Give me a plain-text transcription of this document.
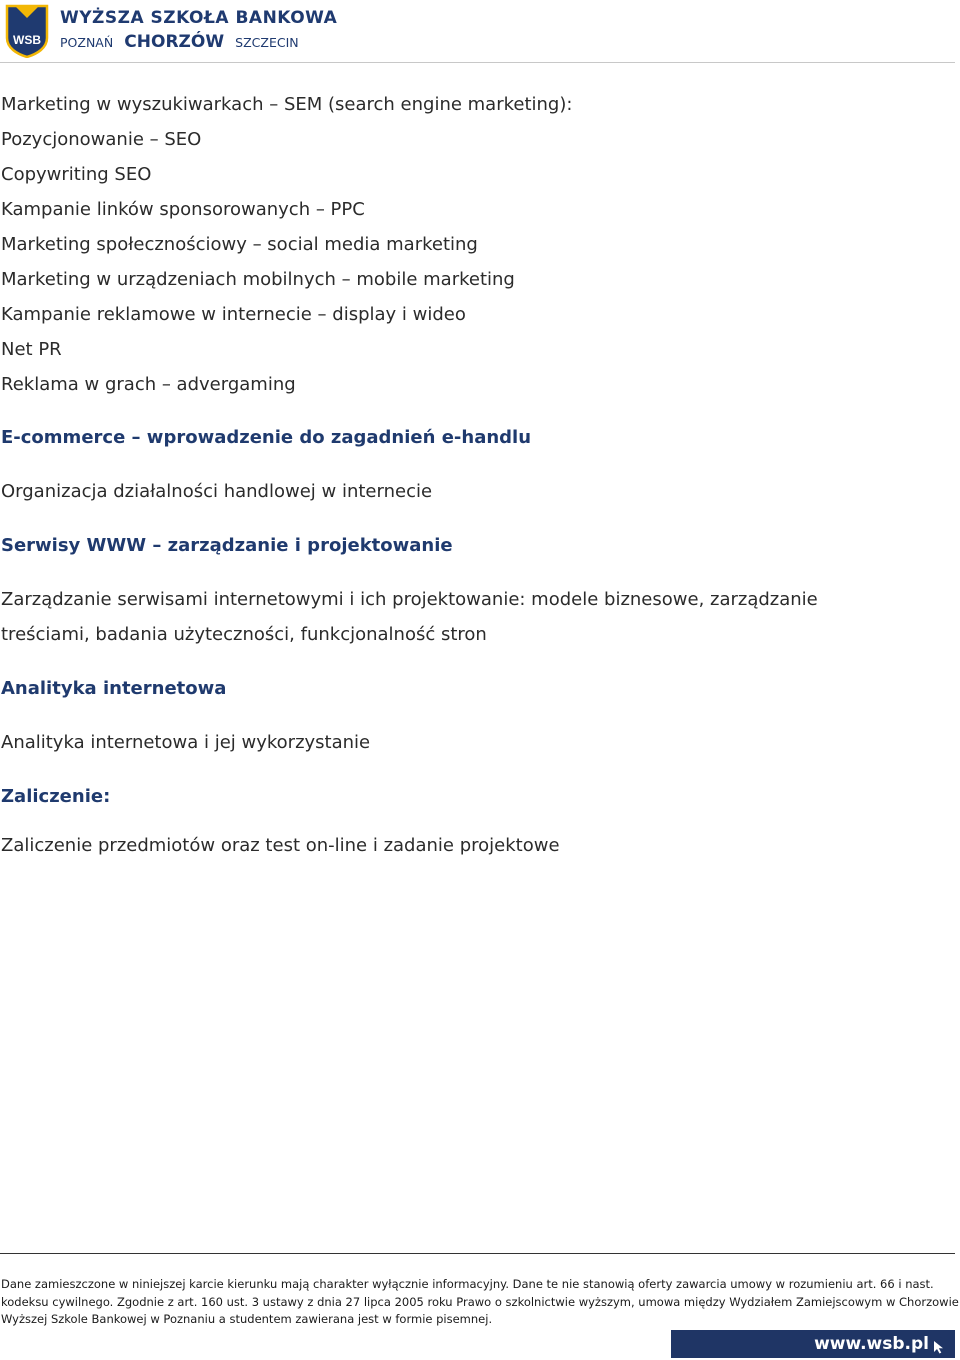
WSB
WYŻSZA SZKOŁA BANKOWA
POZNAŃ CHORZÓW SZCZECIN
Marketing w wyszukiwarkach – SEM (search engine marketing):
Pozycjonowanie – SEO
Copywriting SEO
Kampanie linków sponsorowanych – PPC
Marketing społecznościowy – social media marketing
Marketing w urządzeniach mobilnych – mobile marketing
Kampanie reklamowe w internecie – display i wideo
Net PR
Reklama w grach – advergaming
E-commerce – wprowadzenie do zagadnień e-handlu
Organizacja działalności handlowej w internecie
Serwisy WWW – zarządzanie i projektowanie
Zarządzanie serwisami internetowymi i ich projektowanie: modele biznesowe, zarządzanie
treściami, badania użyteczności, funkcjonalność stron
Analityka internetowa
Analityka internetowa i jej wykorzystanie
Zaliczenie:
Zaliczenie przedmiotów oraz test on-line i zadanie projektowe
Dane zamieszczone w niniejszej karcie kierunku mają charakter wyłącznie informacyjny. Dane te nie stanowią oferty zawarcia umowy w rozumieniu art. 66 i nast.
kodeksu cywilnego. Zgodnie z art. 160 ust. 3 ustawy z dnia 27 lipca 2005 roku Prawo o szkolnictwie wyższym, umowa między Wydziałem Zamiejscowym w Chorzowie
Wyższej Szkole Bankowej w Poznaniu a studentem zawierana jest w formie pisemnej.
www.wsb.pl
